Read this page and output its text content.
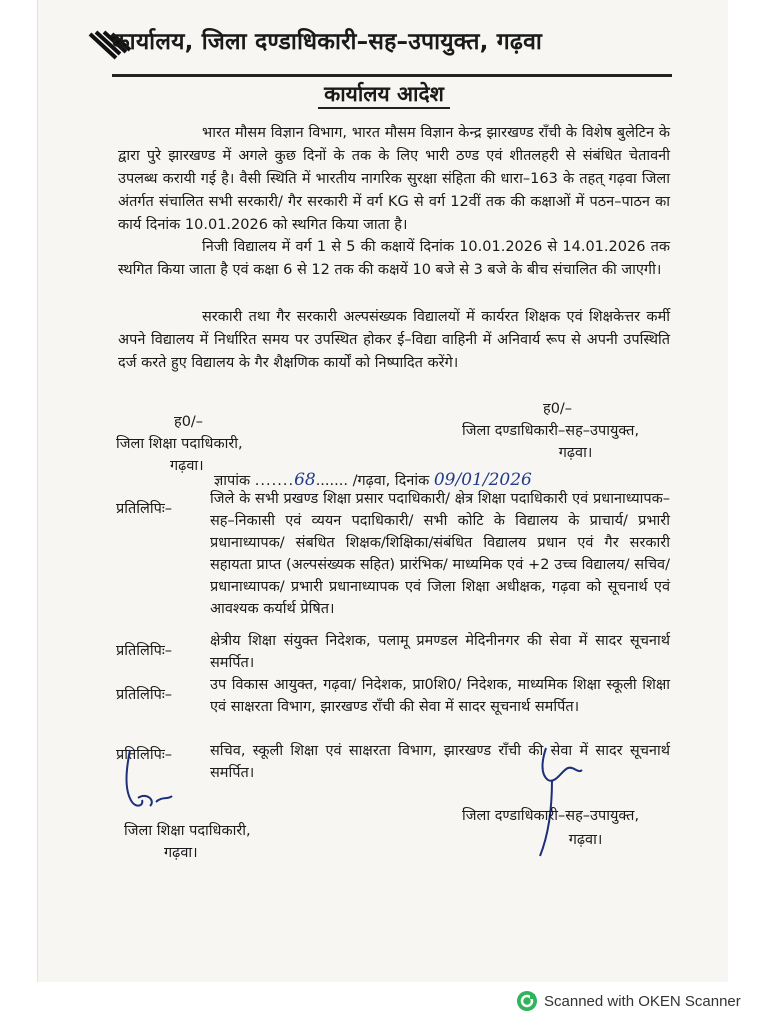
कार्यालय, जिला दण्डाधिकारी–सह–उपायुक्त, गढ़वा
कार्यालय आदेश
भारत मौसम विज्ञान विभाग, भारत मौसम विज्ञान केन्द्र झारखण्ड राँची के विशेष बुलेटिन के द्वारा पुरे झारखण्ड में अगले कुछ दिनों के तक के लिए भारी ठण्ड एवं शीतलहरी से संबंधित चेतावनी उपलब्ध करायी गई है। वैसी स्थिति में भारतीय नागरिक सुरक्षा संहिता की धारा–163 के तहत् गढ़वा जिला अंतर्गत संचालित सभी सरकारी/ गैर सरकारी में वर्ग KG से वर्ग 12वीं तक की कक्षाओं में पठन–पाठन का कार्य दिनांक 10.01.2026 को स्थगित किया जाता है।
निजी विद्यालय में वर्ग 1 से 5 की कक्षायें दिनांक 10.01.2026 से 14.01.2026 तक स्थगित किया जाता है एवं कक्षा 6 से 12 तक की कक्षयें 10 बजे से 3 बजे के बीच संचालित की जाएगी।
सरकारी तथा गैर सरकारी अल्पसंख्यक विद्यालयों में कार्यरत शिक्षक एवं शिक्षकेत्तर कर्मी अपने विद्यालय में निर्धारित समय पर उपस्थित होकर ई–विद्या वाहिनी में अनिवार्य रूप से अपनी उपस्थिति दर्ज करते हुए विद्यालय के गैर शैक्षणिक कार्यों को निष्पादित करेंगे।
ह0/–
जिला शिक्षा पदाधिकारी,
गढ़वा।
ह0/–
जिला दण्डाधिकारी–सह–उपायुक्त,
गढ़वा।
ज्ञापांक .......68....... /गढ़वा, दिनांक 09/01/2026
प्रतिलिपिः–
जिले के सभी प्रखण्ड शिक्षा प्रसार पदाधिकारी/ क्षेत्र शिक्षा पदाधिकारी एवं प्रधानाध्यापक–सह–निकासी एवं व्ययन पदाधिकारी/ सभी कोटि के विद्यालय के प्राचार्य/ प्रभारी प्रधानाध्यापक/ संबधित शिक्षक/शिक्षिका/संबंधित विद्यालय प्रधान एवं गैर सरकारी सहायता प्राप्त (अल्पसंख्यक सहित) प्रारंभिक/ माध्यमिक एवं +2 उच्च विद्यालय/ सचिव/ प्रधानाध्यापक/ प्रभारी प्रधानाध्यापक एवं जिला शिक्षा अधीक्षक, गढ़वा को सूचनार्थ एवं आवश्यक कर्यार्थ प्रेषित।
प्रतिलिपिः–
क्षेत्रीय शिक्षा संयुक्त निदेशक, पलामू प्रमण्डल मेदिनीनगर की सेवा में सादर सूचनार्थ समर्पित।
प्रतिलिपिः–
उप विकास आयुक्त, गढ़वा/ निदेशक, प्रा0शि0/ निदेशक, माध्यमिक शिक्षा स्कूली शिक्षा एवं साक्षरता विभाग, झारखण्ड राँची की सेवा में सादर सूचनार्थ समर्पित।
प्रतिलिपिः–	सचिव, स्कूली शिक्षा एवं साक्षरता विभाग, झारखण्ड राँची की सेवा में सादर सूचनार्थ समर्पित।
जिला शिक्षा पदाधिकारी,
गढ़वा।
जिला दण्डाधिकारी–सह–उपायुक्त,
गढ़वा।
Scanned with OKEN Scanner
